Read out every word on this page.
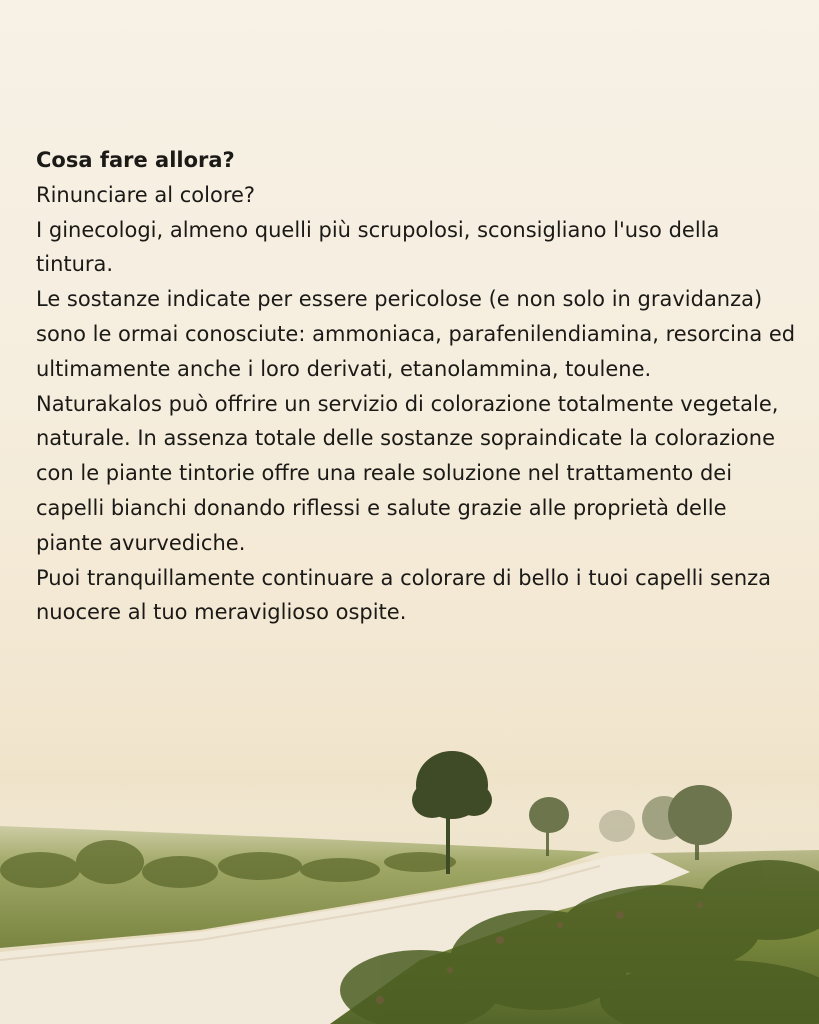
Cosa fare allora?

Rinunciare al colore?

I ginecologi, almeno quelli più scrupolosi, sconsigliano l'uso della tintura.

Le sostanze indicate per essere pericolose (e non solo in gravidanza) sono le ormai conosciute: ammoniaca, parafenilendiamina, resorcina ed ultimamente anche i loro derivati, etanolammina, toulene.

Naturakalos può offrire un servizio di colorazione totalmente vegetale, naturale. In assenza totale delle sostanze sopraindicate la colorazione con le piante tintorie offre una reale soluzione nel trattamento dei capelli bianchi donando riflessi e salute grazie alle proprietà delle piante avurvediche.

Puoi tranquillamente continuare a colorare di bello i tuoi capelli senza nuocere al tuo meraviglioso ospite.
